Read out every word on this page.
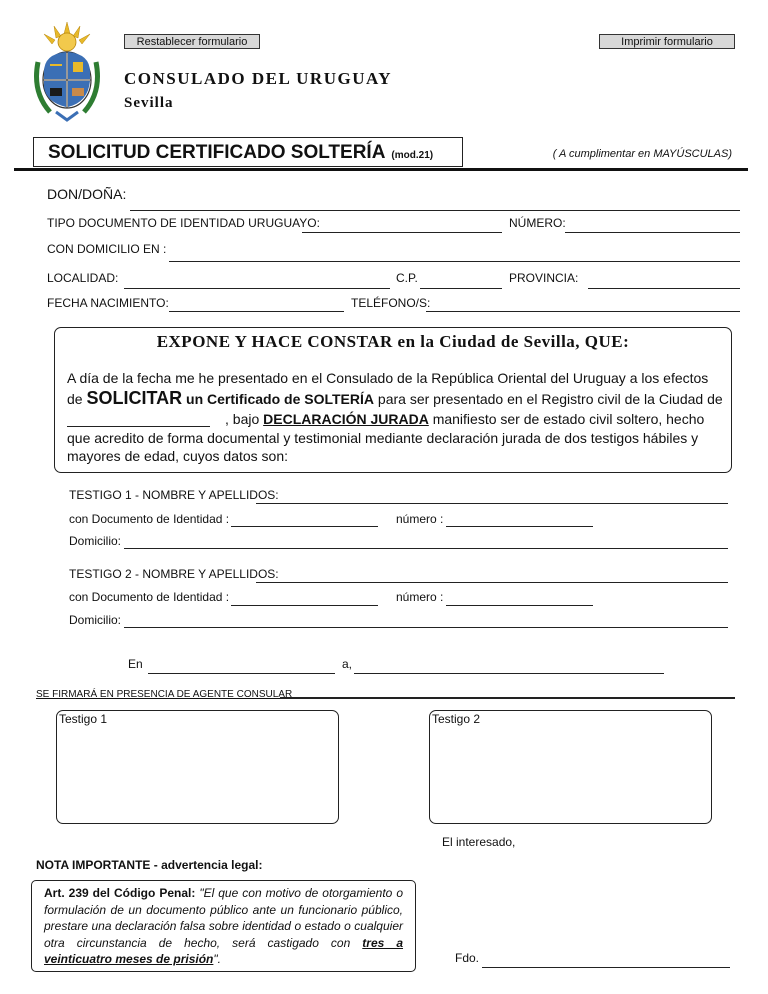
Restablecer formulario	Imprimir formulario
CONSULADO DEL URUGUAY
Sevilla
SOLICITUD CERTIFICADO SOLTERÍA (mod.21)	( A cumplimentar en MAYÚSCULAS)
DON/DOÑA:
TIPO DOCUMENTO DE IDENTIDAD URUGUAYO:	NÚMERO:
CON DOMICILIO EN :
LOCALIDAD:	C.P.	PROVINCIA:
FECHA NACIMIENTO:	TELÉFONO/S:
EXPONE Y HACE CONSTAR en la Ciudad de Sevilla, QUE:
A día de la fecha me he presentado en el Consulado de la República Oriental del Uruguay a los efectos
de SOLICITAR un Certificado de SOLTERÍA para ser presentado en el Registro civil de la Ciudad de
, bajo DECLARACIÓN JURADA manifiesto ser de estado civil soltero, hecho
que acredito de forma documental y testimonial mediante declaración jurada de dos testigos hábiles y
mayores de edad, cuyos datos son:
TESTIGO 1 - NOMBRE Y APELLIDOS:
con Documento de Identidad :	número :
Domicilio:
TESTIGO 2 - NOMBRE Y APELLIDOS:
con Documento de Identidad :	número :
Domicilio:
En	a,
SE FIRMARÁ EN PRESENCIA DE AGENTE CONSULAR
Testigo 1	Testigo 2
El interesado,
NOTA IMPORTANTE - advertencia legal:
Art. 239 del Código Penal: "El que con motivo de otorgamiento o formulación de un documento público ante un funcionario público, prestare una declaración falsa sobre identidad o estado o cualquier otra circunstancia de hecho, será castigado con tres a veinticuatro meses de prisión".	Fdo.
